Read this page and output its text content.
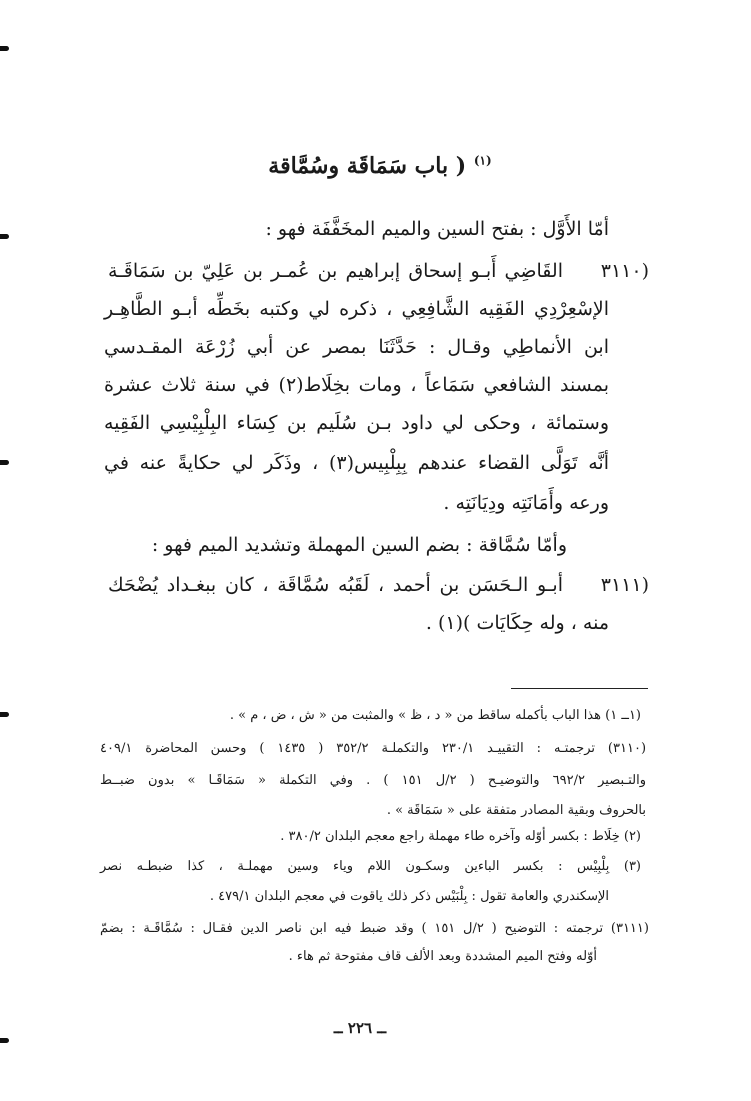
$^{(١)}$ ( باب سَمَاقَة وسُمَّاقة
أمّا الأَوَّل : بفتح السين والميم المخَفَّفَة فهو :
(٣١١٠
القَاضِي أَبـو إسحاق إبراهيم بن عُمـر بن عَلِيّ بن سَمَاقَـة
الإسْعِرْدِي الفَقِيه الشَّافِعِي ، ذكره لي وكتبه بخَطِّه أبـو الطَّاهِـر
ابن الأنماطِي وقـال : حَدَّثَنَا بمصر عن أبي زُرْعَة المقـدسي
بمسند الشافعي سَمَاعاً ، ومات بخِلَاط(٢) في سنة ثلاث عشرة
وستمائة ، وحكى لي داود بـن سُلَيم بن كِسَاء البِلْبِيْسِي الفَقِيه
أنَّه تَوَلَّى القضاء عندهم بِبِلْبِيس(٣) ، وذَكَر لي حكايةً عنه في
ورعه وأَمَانَتِه ودِيَانَتِه .
وأمّا سُمَّاقة : بضم السين المهملة وتشديد الميم فهو :
(٣١١١
أبـو الـحَسَن بن أحمد ، لَقَبُه سُمَّاقَة ، كان ببغـداد يُضْحَك
منه ، وله حِكَايَات )(١) .
(١ــ ١) هذا الباب بأكمله ساقط من « د ، ظ » والمثبت من « ش ، ض ، م » .
(٣١١٠) ترجمتـه : التقييـد ٢٣٠/١ والتكملـة ٣٥٢/٢ ( ١٤٣٥ ) وحسن المحاضرة ٤٠٩/١
والتـبصير ٦٩٢/٢ والتوضيـح ( ٢/ل ١٥١ ) . وفي التكملة « سَمَاقَـا » بدون ضبــط
بالحروف وبقية المصادر متفقة على « سَمَاقَة » .
(٢) خِلَاط : بكسر أوّله وآخره طاء مهملة راجع معجم البلدان ٣٨٠/٢ .
(٣) بِلْبِيْس : بكسر الباءين وسكـون اللام وياء وسين مهملـة ، كذا ضبطـه نصر
الإسكندري والعامة تقول : بِلْبَيْس ذكر ذلك ياقوت في معجم البلدان ٤٧٩/١ .
(٣١١١) ترجمته : التوضيح ( ٢/ل ١٥١ ) وقد ضبط فيه ابن ناصر الدين فقـال : سُمَّاقَـة : بضمّ
أوّله وفتح الميم المشددة وبعد الألف قاف مفتوحة ثم هاء .
ــ ٢٢٦ ــ
